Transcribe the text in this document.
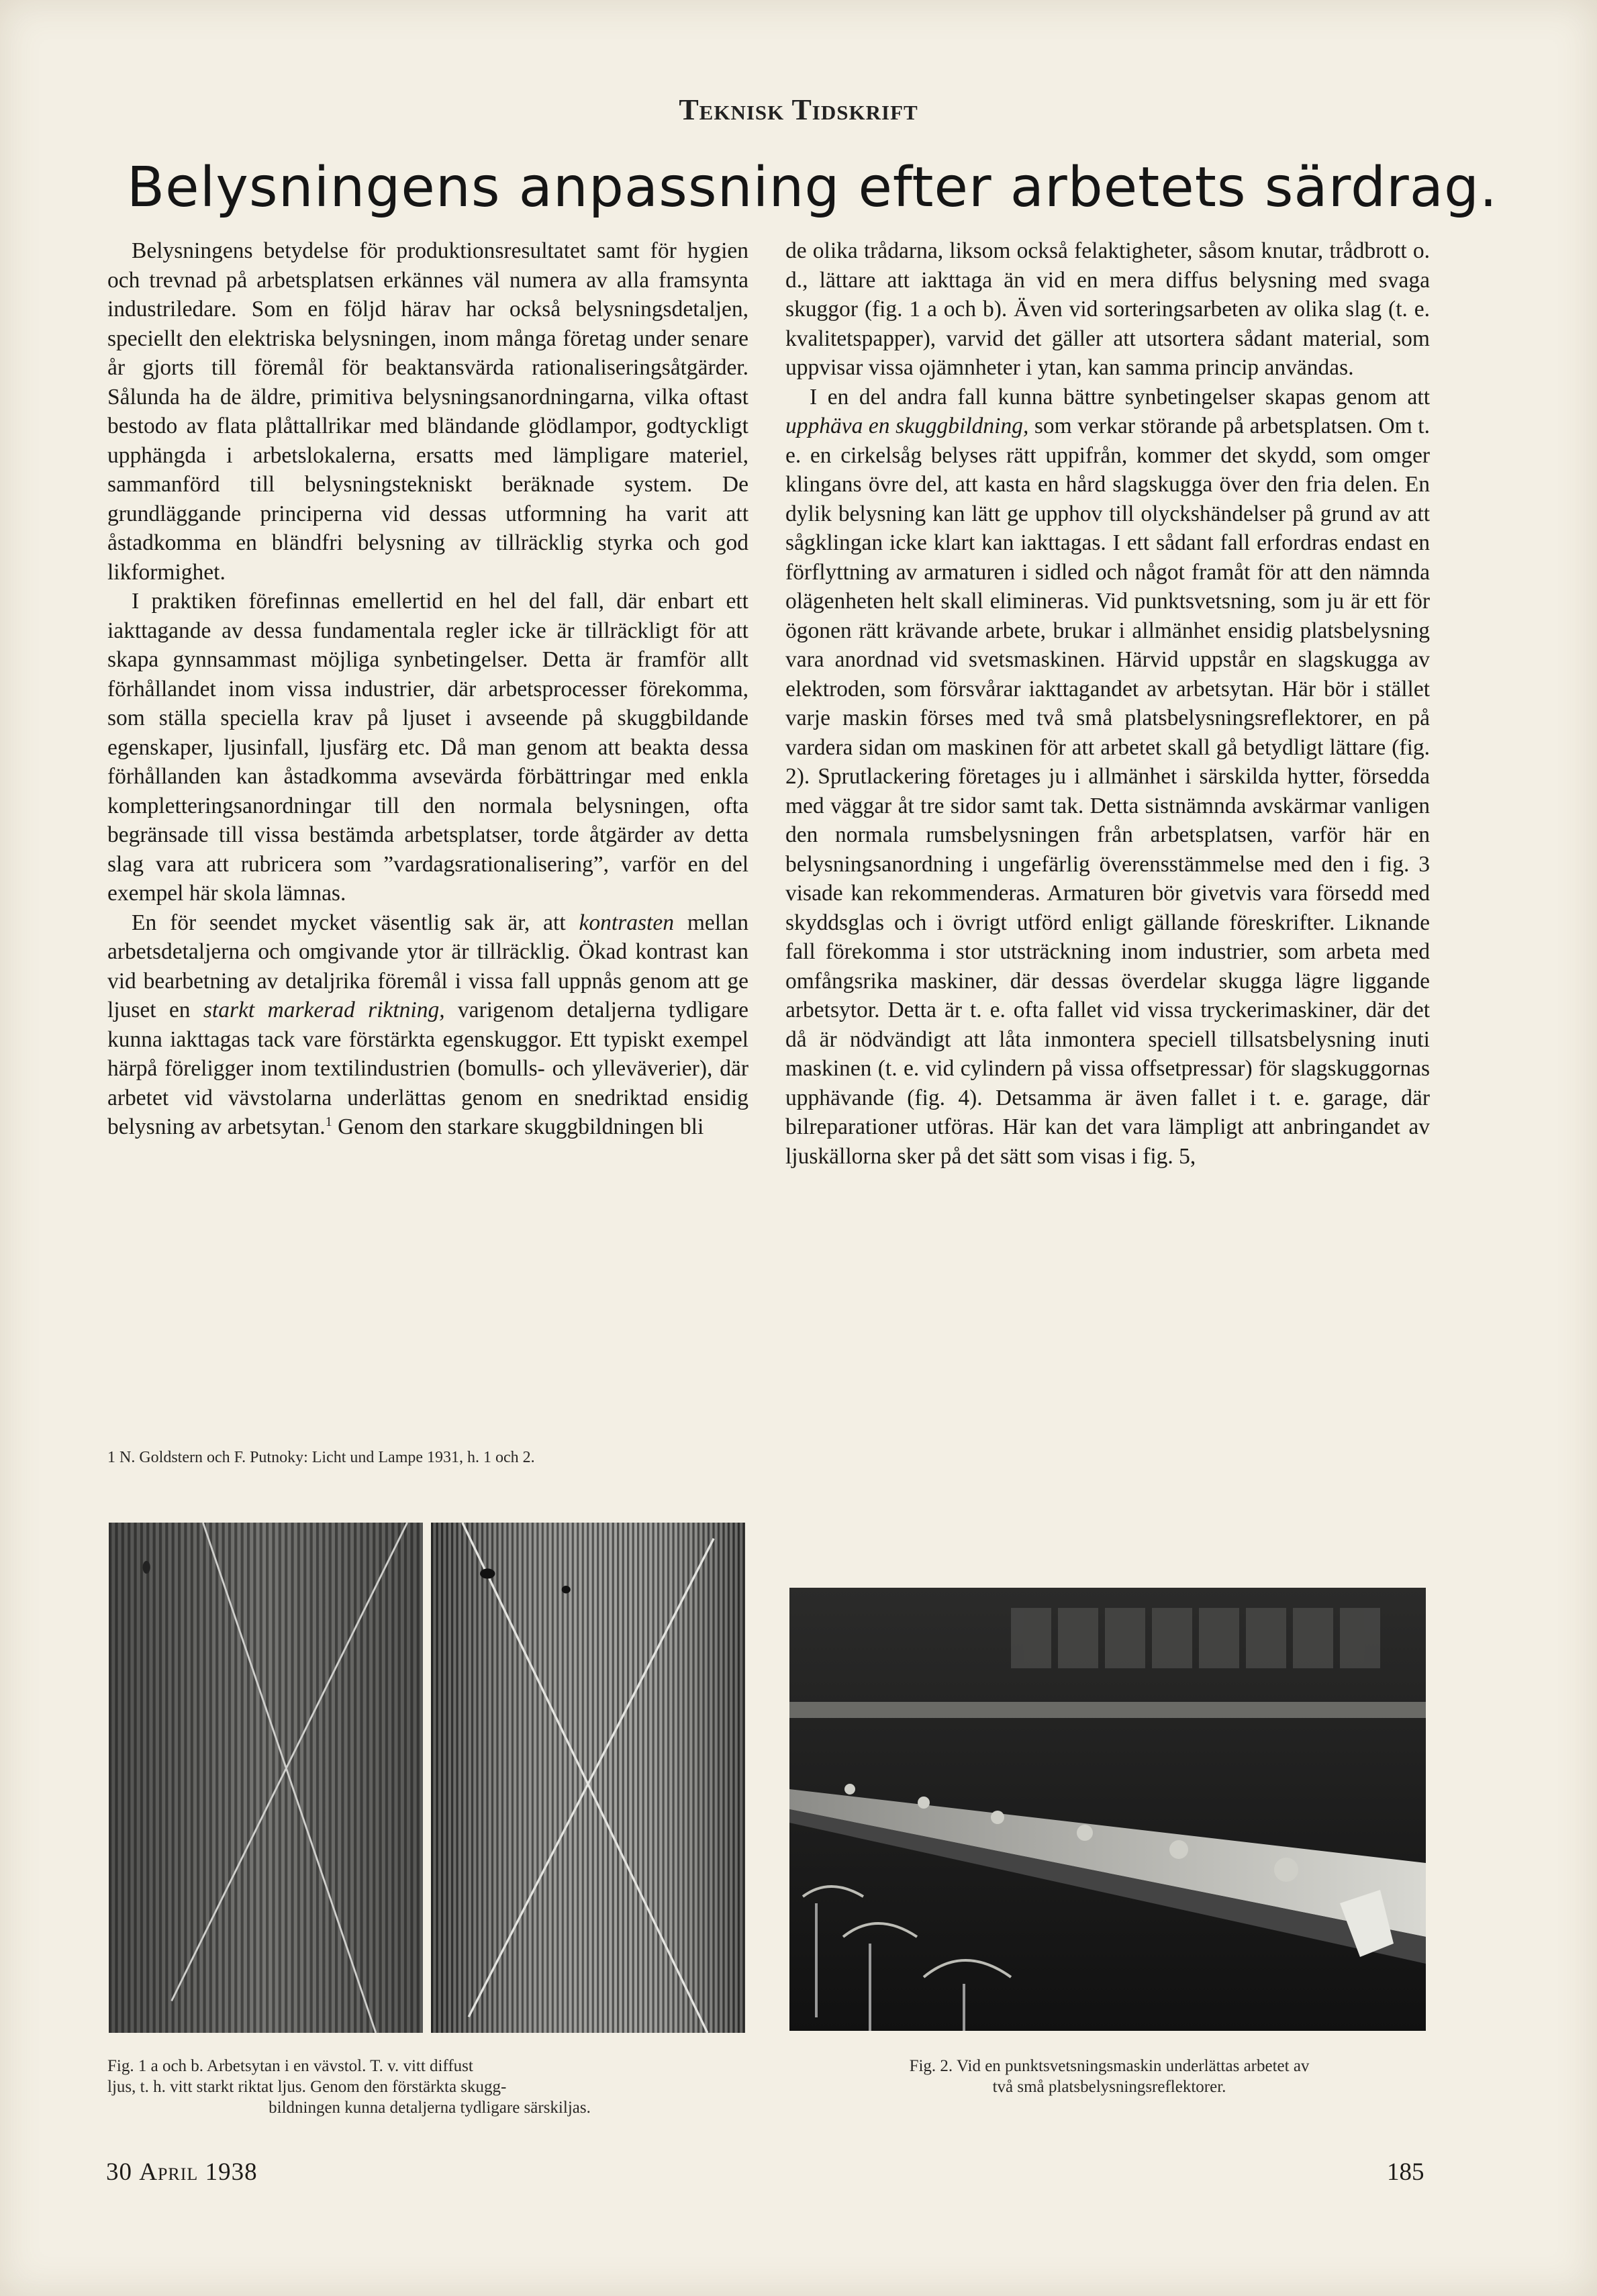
Teknisk Tidskrift
Belysningens anpassning efter arbetets särdrag.

Belysningens betydelse för produktionsresultatet samt för hygien och trevnad på arbetsplatsen erkännes väl numera av alla framsynta industriledare. Som en följd härav har också belysningsdetaljen, speciellt den elektriska belysningen, inom många företag under senare år gjorts till föremål för beaktansvärda rationaliseringsåtgärder. Sålunda ha de äldre, primitiva belysningsanordningarna, vilka oftast bestodo av flata plåttallrikar med bländande glödlampor, godtyckligt upphängda i arbetslokalerna, ersatts med lämpligare materiel, sammanförd till belysningstekniskt beräknade system. De grundläggande principerna vid dessas utformning ha varit att åstadkomma en bländfri belysning av tillräcklig styrka och god likformighet.

I praktiken förefinnas emellertid en hel del fall, där enbart ett iakttagande av dessa fundamentala regler icke är tillräckligt för att skapa gynnsammast möjliga synbetingelser. Detta är framför allt förhållandet inom vissa industrier, där arbetsprocesser förekomma, som ställa speciella krav på ljuset i avseende på skuggbildande egenskaper, ljusinfall, ljusfärg etc. Då man genom att beakta dessa förhållanden kan åstadkomma avsevärda förbättringar med enkla kompletteringsanordningar till den normala belysningen, ofta begränsade till vissa bestämda arbetsplatser, torde åtgärder av detta slag vara att rubricera som ”vardagsrationalisering”, varför en del exempel här skola lämnas.

En för seendet mycket väsentlig sak är, att kontrasten mellan arbetsdetaljerna och omgivande ytor är tillräcklig. Ökad kontrast kan vid bearbetning av detaljrika föremål i vissa fall uppnås genom att ge ljuset en starkt markerad riktning, varigenom detaljerna tydligare kunna iakttagas tack vare förstärkta egenskuggor. Ett typiskt exempel härpå föreligger inom textilindustrien (bomulls- och ylleväverier), där arbetet vid vävstolarna underlättas genom en snedriktad ensidig belysning av arbetsytan.$^1$ Genom den starkare skuggbildningen bli

1 N. Goldstern och F. Putnoky: Licht und Lampe 1931, h. 1 och 2.

de olika trådarna, liksom också felaktigheter, såsom knutar, trådbrott o. d., lättare att iakttaga än vid en mera diffus belysning med svaga skuggor (fig. 1 a och b). Även vid sorteringsarbeten av olika slag (t. e. kvalitetspapper), varvid det gäller att utsortera sådant material, som uppvisar vissa ojämnheter i ytan, kan samma princip användas.

I en del andra fall kunna bättre synbetingelser skapas genom att upphäva en skuggbildning, som verkar störande på arbetsplatsen. Om t. e. en cirkelsåg belyses rätt uppifrån, kommer det skydd, som omger klingans övre del, att kasta en hård slagskugga över den fria delen. En dylik belysning kan lätt ge upphov till olyckshändelser på grund av att sågklingan icke klart kan iakttagas. I ett sådant fall erfordras endast en förflyttning av armaturen i sidled och något framåt för att den nämnda olägenheten helt skall elimineras. Vid punktsvetsning, som ju är ett för ögonen rätt krävande arbete, brukar i allmänhet ensidig platsbelysning vara anordnad vid svetsmaskinen. Härvid uppstår en slagskugga av elektroden, som försvårar iakttagandet av arbetsytan. Här bör i stället varje maskin förses med två små platsbelysningsreflektorer, en på vardera sidan om maskinen för att arbetet skall gå betydligt lättare (fig. 2). Sprutlackering företages ju i allmänhet i särskilda hytter, försedda med väggar åt tre sidor samt tak. Detta sistnämnda avskärmar vanligen den normala rumsbelysningen från arbetsplatsen, varför här en belysningsanordning i ungefärlig överensstämmelse med den i fig. 3 visade kan rekommenderas. Armaturen bör givetvis vara försedd med skyddsglas och i övrigt utförd enligt gällande föreskrifter. Liknande fall förekomma i stor utsträckning inom industrier, som arbeta med omfångsrika maskiner, där dessas överdelar skugga lägre liggande arbetsytor. Detta är t. e. ofta fallet vid vissa tryckerimaskiner, där det då är nödvändigt att låta inmontera speciell tillsatsbelysning inuti maskinen (t. e. vid cylindern på vissa offsetpressar) för slagskuggornas upphävande (fig. 4). Detsamma är även fallet i t. e. garage, där bilreparationer utföras. Här kan det vara lämpligt att anbringandet av ljuskällorna sker på det sätt som visas i fig. 5,

Fig. 1 a och b. Arbetsytan i en vävstol. T. v. vitt diffust
ljus, t. h. vitt starkt riktat ljus. Genom den förstärkta skugg-
bildningen kunna detaljerna tydligare särskiljas.
Fig. 2. Vid en punktsvetsningsmaskin underlättas arbetet av
två små platsbelysningsreflektorer.
30 April 1938	185
